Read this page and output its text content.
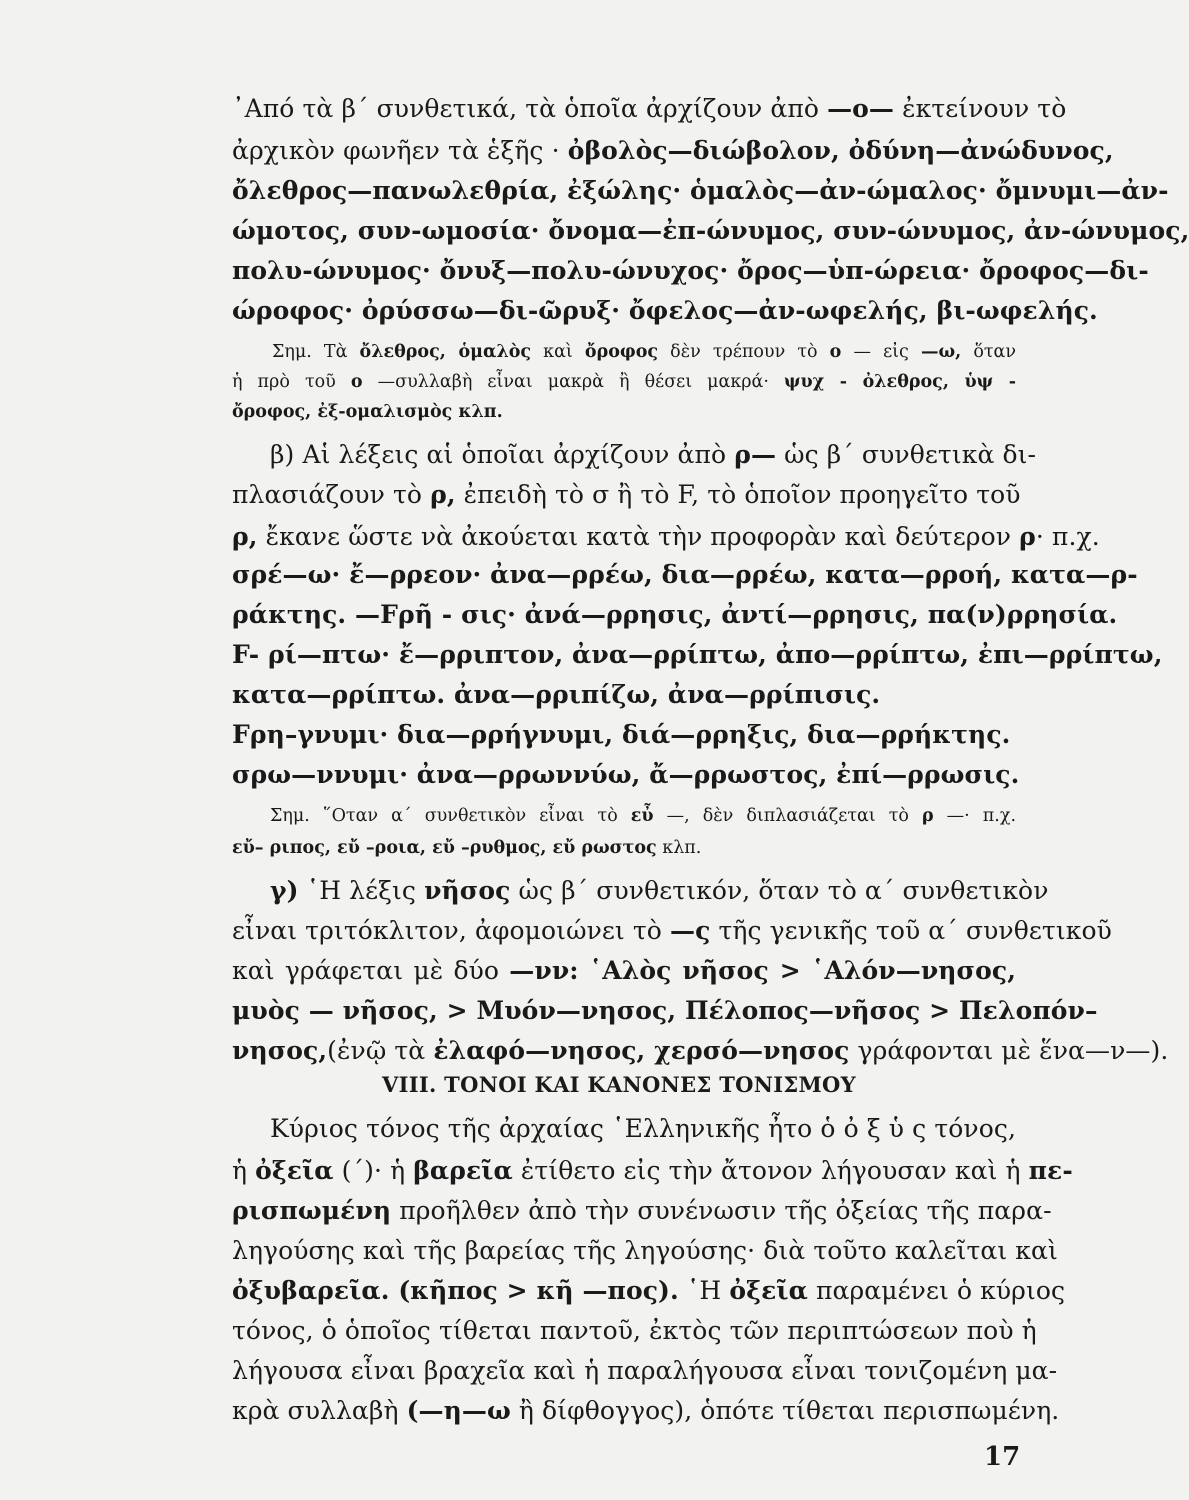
᾿Από τὰ β΄ συνθετικά, τὰ ὁποῖα ἀρχίζουν ἀπὸ —ο— ἐκτείνουν τὸ
ἀρχικὸν φωνῆεν τὰ ἑξῆς · ὀβολὸς—διώβολον, ὀδύνη—ἀνώδυνος,
ὄλεθρος—πανωλεθρία, ἐξώλης· ὁμαλὸς—ἀν-ώμαλος· ὄμνυμι—ἀν-
ώμοτος, συν-ωμοσία· ὄνομα—ἐπ-ώνυμος, συν-ώνυμος, ἀν-ώνυμος,
πολυ-ώνυμος· ὄνυξ—πολυ-ώνυχος· ὄρος—ὑπ-ώρεια· ὄροφος—δι-
ώροφος· ὀρύσσω—δι-ῶρυξ· ὄφελος—ἀν-ωφελής, βι-ωφελής.
Σημ. Τὰ ὄλεθρος, ὁμαλὸς καὶ ὄροφος δὲν τρέπουν τὸ ο — εἰς —ω, ὅταν
ἡ πρὸ τοῦ ο —συλλαβὴ εἶναι μακρὰ ἢ θέσει μακρά· ψυχ - ὀλεθρος, ὑψ -
ὄροφος, ἐξ-ομαλισμὸς κλπ.
β) Αἱ λέξεις αἱ ὁποῖαι ἀρχίζουν ἀπὸ ρ— ὡς β΄ συνθετικὰ δι-
πλασιάζουν τὸ ρ, ἐπειδὴ τὸ σ ἢ τὸ F, τὸ ὁποῖον προηγεῖτο τοῦ
ρ, ἔκανε ὥστε νὰ ἀκούεται κατὰ τὴν προφορὰν καὶ δεύτερον ρ· π.χ.
σρέ—ω· ἔ—ρρεον· ἀνα—ρρέω, δια—ρρέω, κατα—ρροή, κατα—ρ-
ράκτης. —Fρῆ - σις· ἀνά—ρρησις, ἀντί—ρρησις, πα(ν)ρρησία.
F- ρί—πτω· ἔ—ρριπτον, ἀνα—ρρίπτω, ἀπο—ρρίπτω, ἐπι—ρρίπτω,
κατα—ρρίπτω. ἀνα—ρριπίζω, ἀνα—ρρίπισις.
Fρη–γνυμι· δια—ρρήγνυμι, διά—ρρηξις, δια—ρρήκτης.
σρω—ννυμι· ἀνα—ρρωννύω, ἄ—ρρωστος, ἐπί—ρρωσις.
Σημ. ῞Οταν α΄ συνθετικὸν εἶναι τὸ εὖ —, δὲν διπλασιάζεται τὸ ρ —· π.χ.
εὔ– ριπος, εὔ –ροια, εὔ –ρυθμος, εὔ ρωστος κλπ.
γ) ῾Η λέξις νῆσος ὡς β΄ συνθετικόν, ὅταν τὸ α΄ συνθετικὸν
εἶναι τριτόκλιτον, ἀφομοιώνει τὸ —ς τῆς γενικῆς τοῦ α΄ συνθετικοῦ
καὶ γράφεται μὲ δύο —νν: ῾Αλὸς νῆσος > ῾Αλόν—νησος,
μυὸς — νῆσος, > Μυόν—νησος, Πέλοπος—νῆσος > Πελοπόν–
νησος,(ἐνῷ τὰ ἐλαφό—νησος, χερσό—νησος γράφονται μὲ ἕνα—ν—).
VIII. ΤΟΝΟΙ ΚΑΙ ΚΑΝΟΝΕΣ ΤΟΝΙΣΜΟΥ
Κύριος τόνος τῆς ἀρχαίας ῾Ελληνικῆς ἦτο ὁ ὀ ξ ὑ ς τόνος,
ἡ ὀξεῖα (΄)· ἡ βαρεῖα ἐτίθετο εἰς τὴν ἄτονον λήγουσαν καὶ ἡ πε-
ρισπωμένη προῆλθεν ἀπὸ τὴν συνένωσιν τῆς ὀξείας τῆς παρα-
ληγούσης καὶ τῆς βαρείας τῆς ληγούσης· διὰ τοῦτο καλεῖται καὶ
ὀξυβαρεῖα. (κῆπος > κῆ —πος). ῾Η ὀξεῖα παραμένει ὁ κύριος
τόνος, ὁ ὁποῖος τίθεται παντοῦ, ἐκτὸς τῶν περιπτώσεων ποὺ ἡ
λήγουσα εἶναι βραχεῖα καὶ ἡ παραλήγουσα εἶναι τονιζομένη μα-
κρὰ συλλαβὴ (—η—ω ἢ δίφθογγος), ὁπότε τίθεται περισπωμένη.
17
